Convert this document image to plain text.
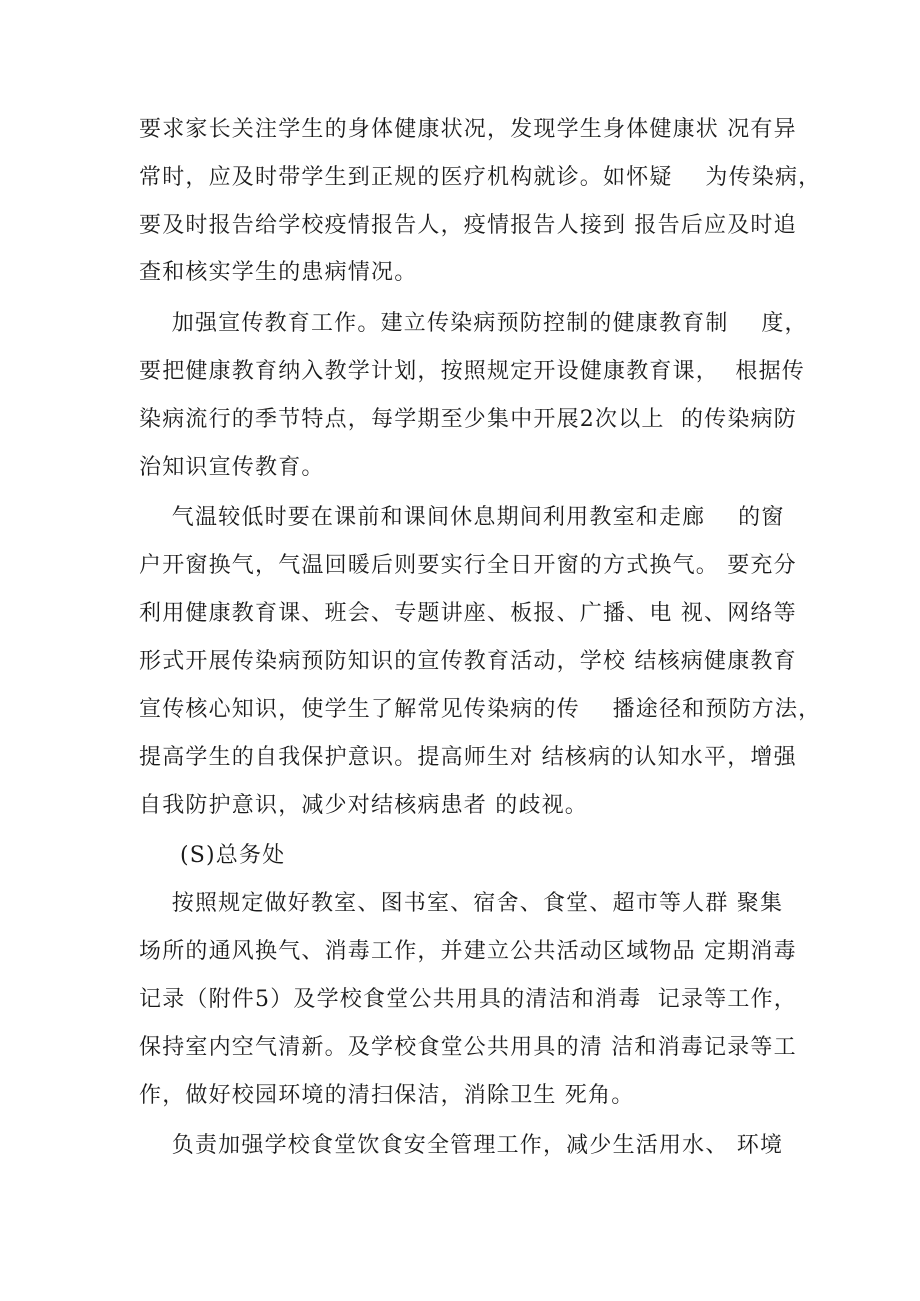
要求家长关注学生的身体健康状况，发现学生身体健康状 况有异
常时，应及时带学生到正规的医疗机构就诊。如怀疑    为传染病，
要及时报告给学校疫情报告人，疫情报告人接到 报告后应及时追
查和核实学生的患病情况。
加强宣传教育工作。建立传染病预防控制的健康教育制    度，
要把健康教育纳入教学计划，按照规定开设健康教育课，  根据传
染病流行的季节特点，每学期至少集中开展2次以上  的传染病防
治知识宣传教育。
气温较低时要在课前和课间休息期间利用教室和走廊    的窗
户开窗换气，气温回暖后则要实行全日开窗的方式换气。 要充分
利用健康教育课、班会、专题讲座、板报、广播、电 视、网络等
形式开展传染病预防知识的宣传教育活动，学校 结核病健康教育
宣传核心知识，使学生了解常见传染病的传    播途径和预防方法，
提高学生的自我保护意识。提高师生对 结核病的认知水平，增强
自我防护意识，减少对结核病患者 的歧视。
(S)总务处
按照规定做好教室、图书室、宿舍、食堂、超市等人群 聚集
场所的通风换气、消毒工作，并建立公共活动区域物品 定期消毒
记录（附件5）及学校食堂公共用具的清洁和消毒  记录等工作，
保持室内空气清新。及学校食堂公共用具的清 洁和消毒记录等工
作，做好校园环境的清扫保洁，消除卫生 死角。
负责加强学校食堂饮食安全管理工作，减少生活用水、 环境
